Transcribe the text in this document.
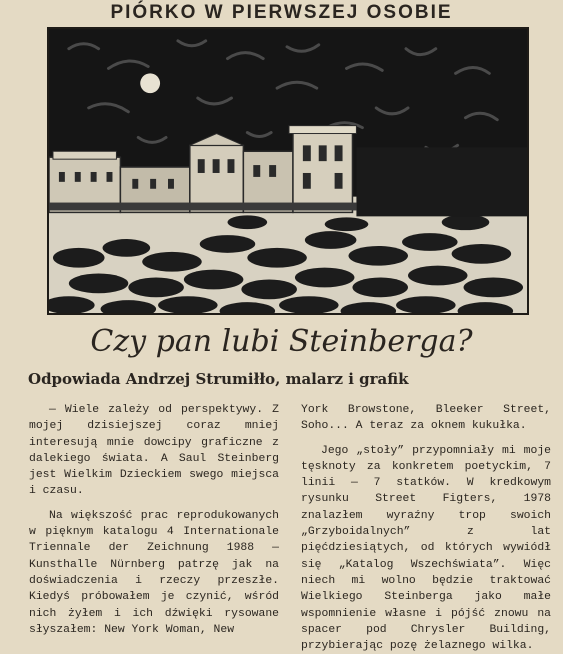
PIÓRKO W PIERWSZEJ OSOBIE
Czy pan lubi Steinberga?
Odpowiada Andrzej Strumiłło, malarz i grafik

— Wiele zależy od perspektywy. Z mojej dzisiejszej coraz mniej interesują mnie dowcipy graficzne z dalekiego świata. A Saul Steinberg jest Wielkim Dzieckiem swego miejsca i czasu.

Na większość prac reprodukowanych w pięknym katalogu 4 Internationale Triennale der Zeichnung 1988 — Kunsthalle Nürnberg patrzę jak na doświadczenia i rzeczy przeszłe. Kiedyś próbowałem je czynić, wśród nich żyłem i ich dźwięki rysowane słyszałem: New York Woman, New

York Browstone, Bleeker Street, Soho... A teraz za oknem kukułka.

Jego „stoły” przypomniały mi moje tęsknoty za konkretem poetyckim, 7 linii — 7 statków. W kredkowym rysunku Street Figters, 1978 znalazłem wyraźny trop swoich „Grzyboidalnych” z lat pięćdziesiątych, od których wywiódł się „Katalog Wszechświata”. Więc niech mi wolno będzie traktować Wielkiego Steinberga jako małe wspomnienie własne i pójść znowu na spacer pod Chrysler Building, przybierając pozę żelaznego wilka.
